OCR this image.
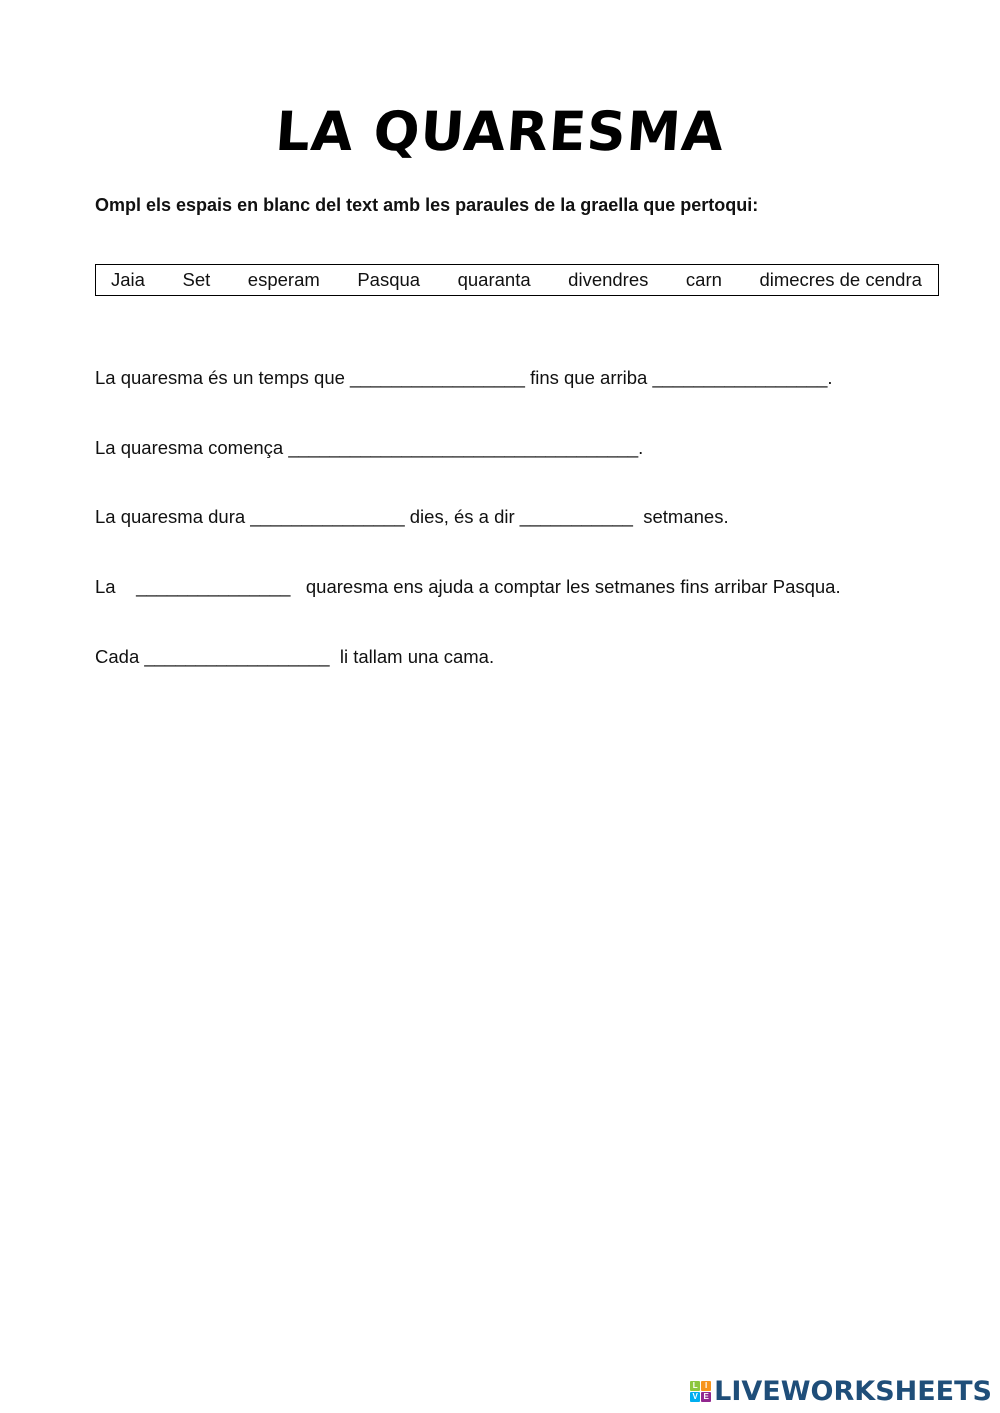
LA QUARESMA
Ompl els espais en blanc del text amb les paraules de la graella que pertoqui:
Jaia Set esperam Pasqua quaranta divendres carn dimecres de cendra
La quaresma és un temps que _________________ fins que arriba _________________.
La quaresma comença __________________________________.
La quaresma dura _______________ dies, és a dir ___________  setmanes.
La    _______________   quaresma ens ajuda a comptar les setmanes fins arribar Pasqua.
Cada __________________  li tallam una cama.
L I
V E LIVEWORKSHEETS
